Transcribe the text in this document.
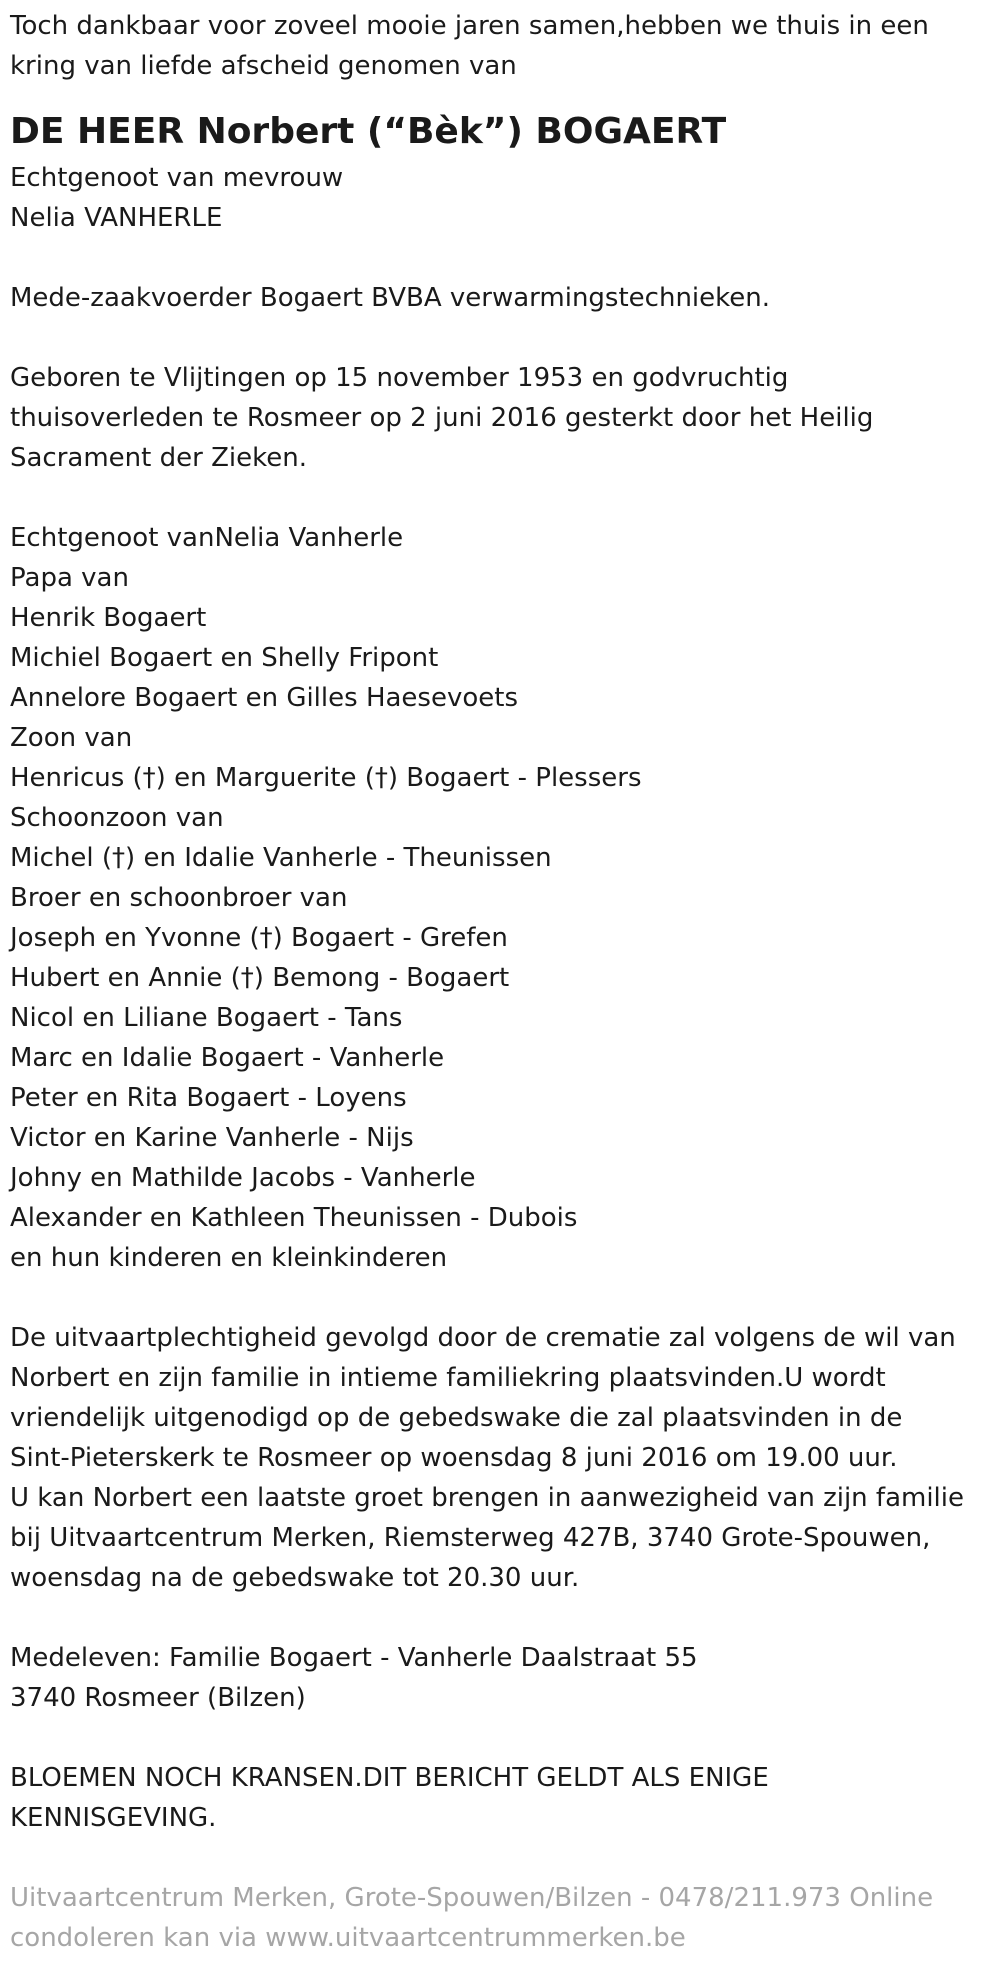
Toch dankbaar voor zoveel mooie jaren samen,hebben we thuis in een
kring van liefde afscheid genomen van
DE HEER Norbert (“Bèk”) BOGAERT
Echtgenoot van mevrouw
Nelia VANHERLE
Mede-zaakvoerder Bogaert BVBA verwarmingstechnieken.
Geboren te Vlijtingen op 15 november 1953 en godvruchtig
thuisoverleden te Rosmeer op 2 juni 2016 gesterkt door het Heilig
Sacrament der Zieken.
Echtgenoot vanNelia Vanherle
Papa van
Henrik Bogaert
Michiel Bogaert en Shelly Fripont
Annelore Bogaert en Gilles Haesevoets
Zoon van
Henricus (†) en Marguerite (†) Bogaert - Plessers
Schoonzoon van
Michel (†) en Idalie Vanherle - Theunissen
Broer en schoonbroer van
Joseph en Yvonne (†) Bogaert - Grefen
Hubert en Annie (†) Bemong - Bogaert
Nicol en Liliane Bogaert - Tans
Marc en Idalie Bogaert - Vanherle
Peter en Rita Bogaert - Loyens
Victor en Karine Vanherle - Nijs
Johny en Mathilde Jacobs - Vanherle
Alexander en Kathleen Theunissen - Dubois
en hun kinderen en kleinkinderen
De uitvaartplechtigheid gevolgd door de crematie zal volgens de wil van
Norbert en zijn familie in intieme familiekring plaatsvinden.U wordt
vriendelijk uitgenodigd op de gebedswake die zal plaatsvinden in de
Sint-Pieterskerk te Rosmeer op woensdag 8 juni 2016 om 19.00 uur.
U kan Norbert een laatste groet brengen in aanwezigheid van zijn familie
bij Uitvaartcentrum Merken, Riemsterweg 427B, 3740 Grote-Spouwen,
woensdag na de gebedswake tot 20.30 uur.
Medeleven: Familie Bogaert - Vanherle Daalstraat 55
3740 Rosmeer (Bilzen)
BLOEMEN NOCH KRANSEN.DIT BERICHT GELDT ALS ENIGE
KENNISGEVING.
Uitvaartcentrum Merken, Grote-Spouwen/Bilzen - 0478/211.973 Online
condoleren kan via www.uitvaartcentrummerken.be
